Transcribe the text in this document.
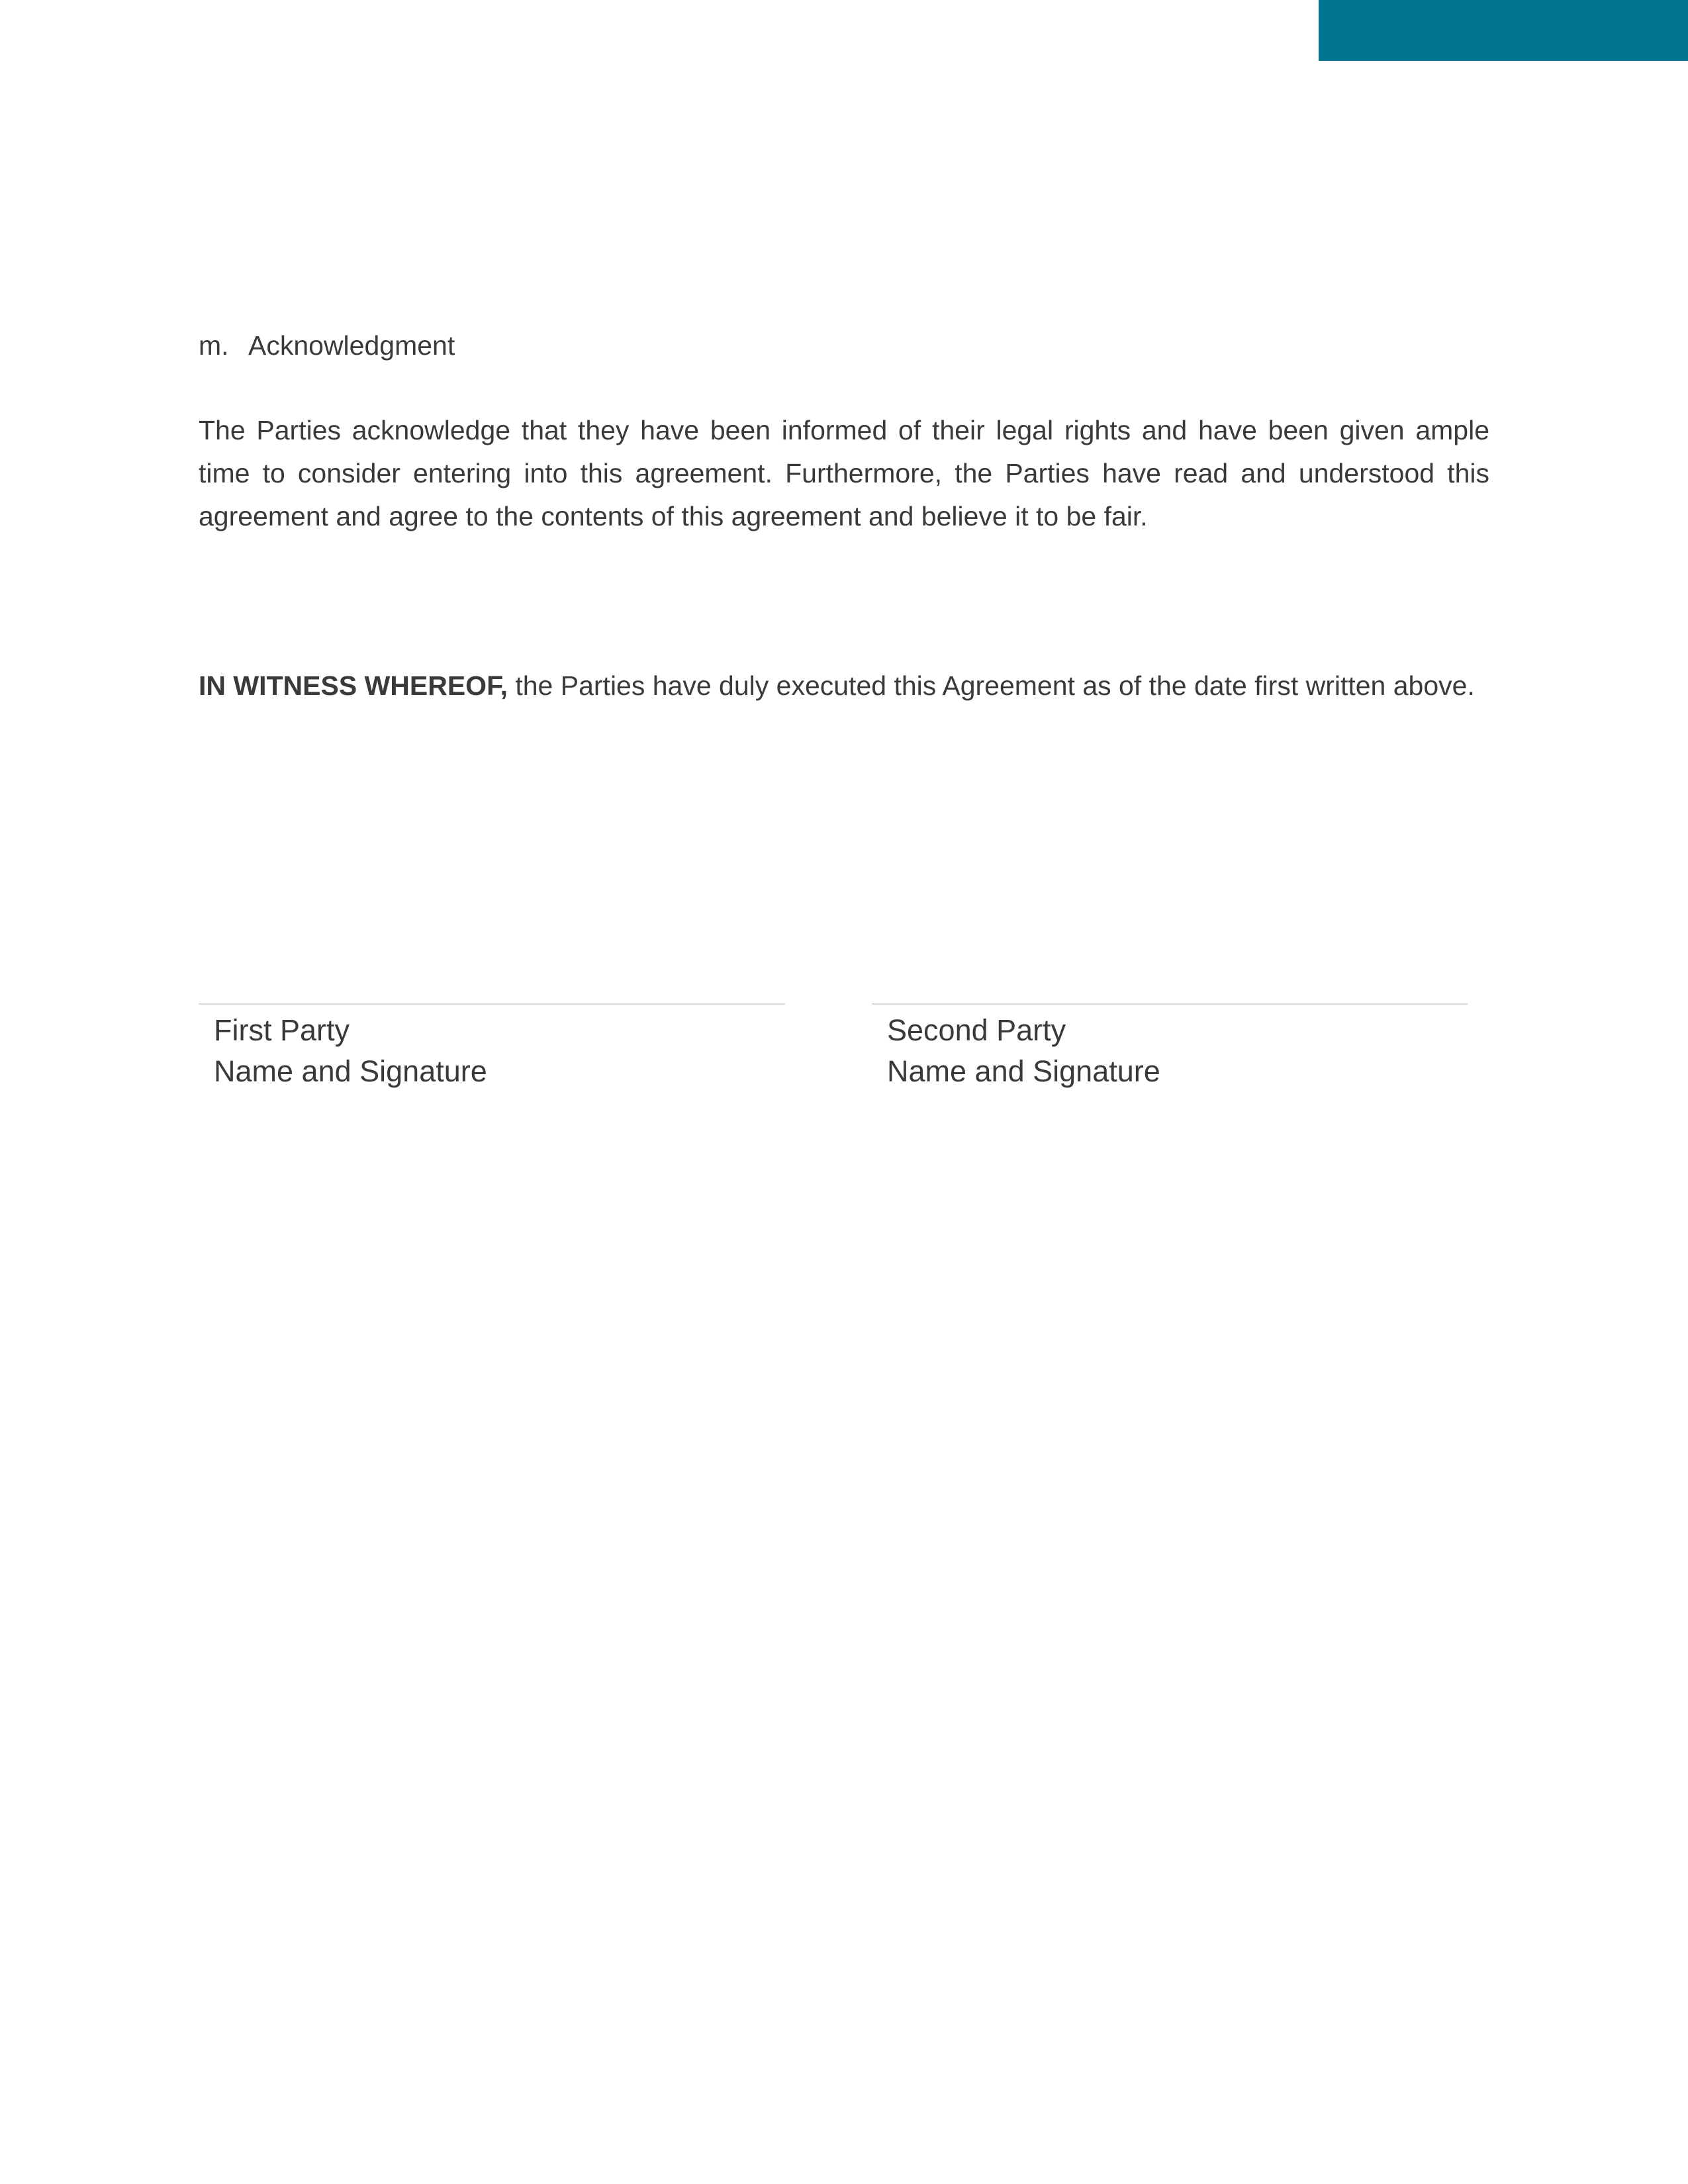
m. Acknowledgment

The Parties acknowledge that they have been informed of their legal rights and have been given ample time to consider entering into this agreement. Furthermore, the Parties have read and understood this agreement and agree to the contents of this agreement and believe it to be fair.

IN WITNESS WHEREOF, the Parties have duly executed this Agreement as of the date first written above.

First Party
Name and Signature
Second Party
Name and Signature
